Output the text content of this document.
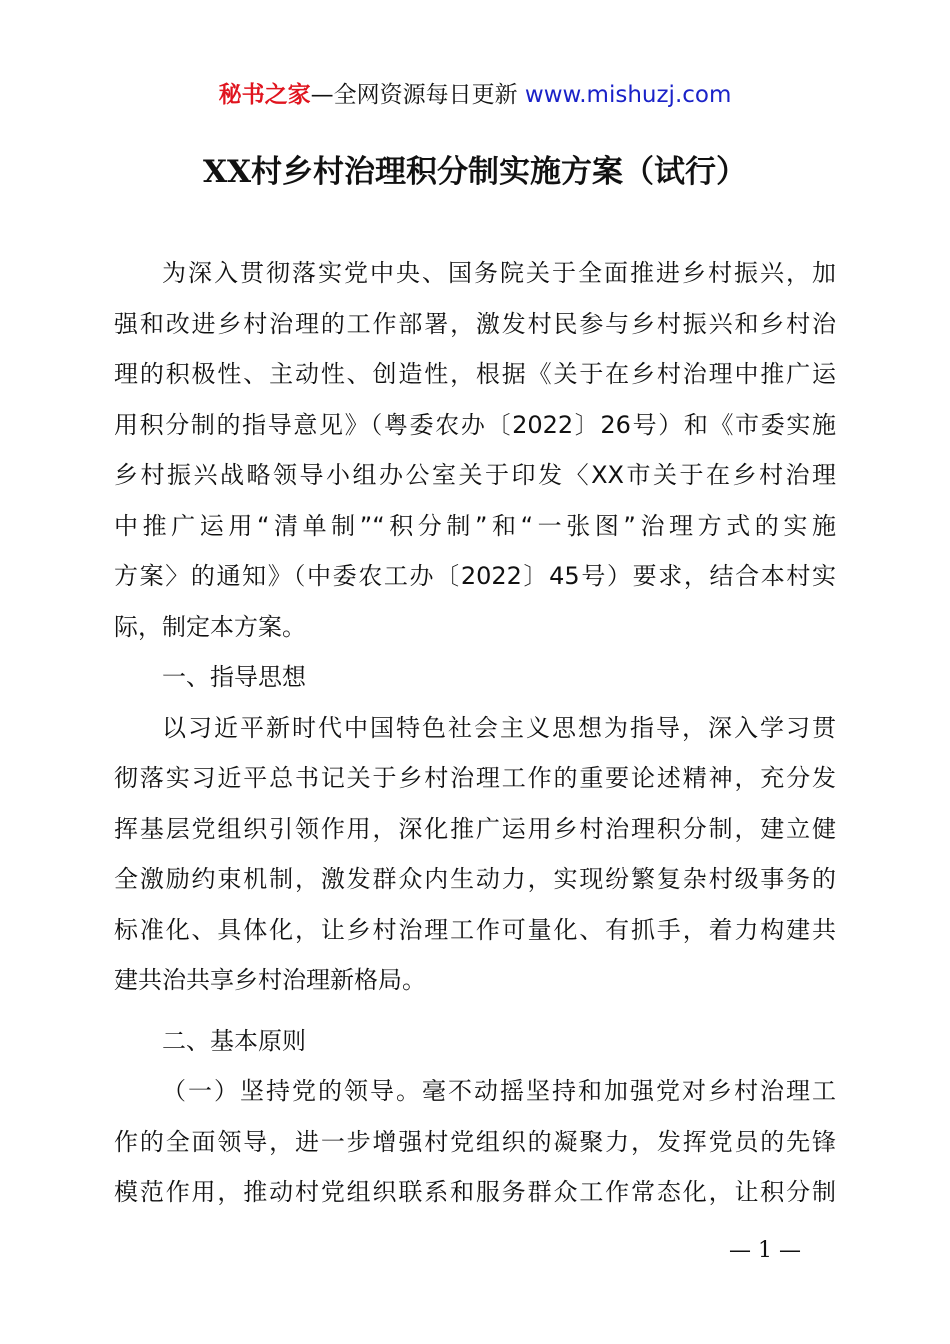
秘书之家—全网资源每日更新 www.mishuzj.com
XX村乡村治理积分制实施方案（试行）
为深入贯彻落实党中央、国务院关于全面推进乡村振兴，加
强和改进乡村治理的工作部署，激发村民参与乡村振兴和乡村治
理的积极性、主动性、创造性，根据《关于在乡村治理中推广运
用积分制的指导意见》（粤委农办〔2022〕26号）和《市委实施
乡村振兴战略领导小组办公室关于印发〈XX市关于在乡村治理
中推广运用“清单制”“积分制”和“一张图”治理方式的实施
方案〉的通知》（中委农工办〔2022〕45号）要求，结合本村实
际，制定本方案。
一、指导思想
以习近平新时代中国特色社会主义思想为指导，深入学习贯
彻落实习近平总书记关于乡村治理工作的重要论述精神，充分发
挥基层党组织引领作用，深化推广运用乡村治理积分制，建立健
全激励约束机制，激发群众内生动力，实现纷繁复杂村级事务的
标准化、具体化，让乡村治理工作可量化、有抓手，着力构建共
建共治共享乡村治理新格局。
二、基本原则
（一）坚持党的领导。毫不动摇坚持和加强党对乡村治理工
作的全面领导，进一步增强村党组织的凝聚力，发挥党员的先锋
模范作用，推动村党组织联系和服务群众工作常态化，让积分制
— 1 —
